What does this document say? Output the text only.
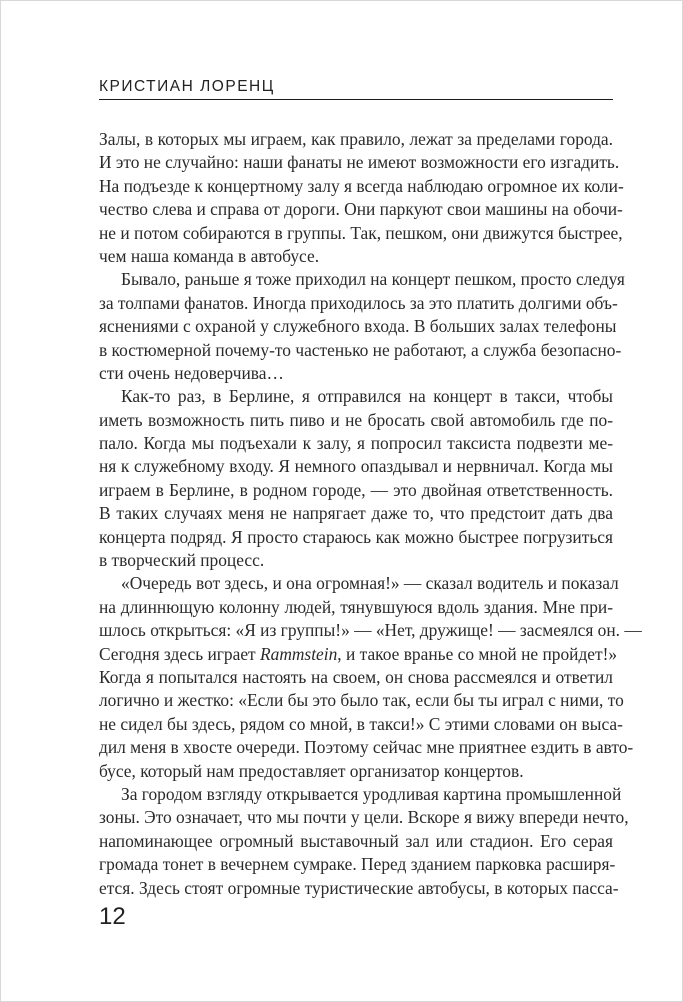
КРИСТИАН ЛОРЕНЦ
Залы, в которых мы играем, как правило, лежат за пределами города.
И это не случайно: наши фанаты не имеют возможности его изгадить.
На подъезде к концертному залу я всегда наблюдаю огромное их коли-
чество слева и справа от дороги. Они паркуют свои машины на обочи-
не и потом собираются в группы. Так, пешком, они движутся быстрее,
чем наша команда в автобусе.
Бывало, раньше я тоже приходил на концерт пешком, просто следуя
за толпами фанатов. Иногда приходилось за это платить долгими объ-
яснениями с охраной у служебного входа. В больших залах телефоны
в костюмерной почему-то частенько не работают, а служба безопасно-
сти очень недоверчива…
Как-то раз, в Берлине, я отправился на концерт в такси, чтобы
иметь возможность пить пиво и не бросать свой автомобиль где по-
пало. Когда мы подъехали к залу, я попросил таксиста подвезти ме-
ня к служебному входу. Я немного опаздывал и нервничал. Когда мы
играем в Берлине, в родном городе, — это двойная ответственность.
В таких случаях меня не напрягает даже то, что предстоит дать два
концерта подряд. Я просто стараюсь как можно быстрее погрузиться
в творческий процесс.
«Очередь вот здесь, и она огромная!» — сказал водитель и показал
на длиннющую колонну людей, тянувшуюся вдоль здания. Мне при-
шлось открыться: «Я из группы!» — «Нет, дружище! — засмеялся он. —
Сегодня здесь играет Rammstein, и такое вранье со мной не пройдет!»
Когда я попытался настоять на своем, он снова рассмеялся и ответил
логично и жестко: «Если бы это было так, если бы ты играл с ними, то
не сидел бы здесь, рядом со мной, в такси!» С этими словами он выса-
дил меня в хвосте очереди. Поэтому сейчас мне приятнее ездить в авто-
бусе, который нам предоставляет организатор концертов.
За городом взгляду открывается уродливая картина промышленной
зоны. Это означает, что мы почти у цели. Вскоре я вижу впереди нечто,
напоминающее огромный выставочный зал или стадион. Его серая
громада тонет в вечернем сумраке. Перед зданием парковка расширя-
ется. Здесь стоят огромные туристические автобусы, в которых пасса-
12
